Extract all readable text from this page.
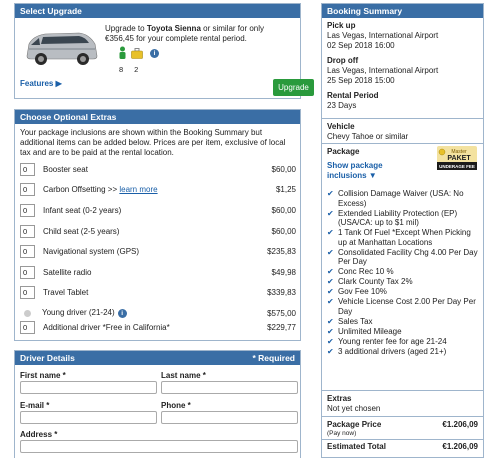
Select Upgrade
Upgrade to Toyota Sienna or similar for only €356,45 for your complete rental period.
i
8 2
Features ▶	Upgrade
Choose Optional Extras
Your package inclusions are shown within the Booking Summary but additional items can be added below. Prices are per item, exclusive of local tax and are to be paid at the rental location.
0	Booster seat	$60,00
0	Carbon Offsetting >> learn more	$1,25
0	Infant seat (0-2 years)	$60,00
0	Child seat (2-5 years)	$60,00
0	Navigational system (GPS)	$235,83
0	Satellite radio	$49,98
0	Travel Tablet	$339,83
Young driver (21-24) i	$575,00
0	Additional driver *Free in California*	$229,77
Driver Details	* Required
First name *	Last name *
E-mail *	Phone *
Address *
Booking Summary
Pick up
Las Vegas, International Airport
02 Sep 2018 16:00
Drop off
Las Vegas, International Airport
25 Sep 2018 15:00
Rental Period
23 Days
Vehicle
Chevy Tahoe or similar
Package	Master
PAKET
UNDERAGE FEE
Show package inclusions ▼
✔ Collision Damage Waiver (USA: No Excess)
✔ Extended Liability Protection (EP) (USA/CA: up to $1 mil)
✔ 1 Tank Of Fuel *Except When Picking up at Manhattan Locations
✔ Consolidated Facility Chg 4.00 Per Day Per Day
✔ Conc Rec 10 %
✔ Clark County Tax 2%
✔ Gov Fee 10%
✔ Vehicle License Cost 2.00 Per Day Per Day
✔ Sales Tax
✔ Unlimited Mileage
✔ Young renter fee for age 21-24
✔ 3 additional drivers (aged 21+)
Extras
Not yet chosen
Package Price	€1.206,09
(Pay now)
Estimated Total	€1.206,09
